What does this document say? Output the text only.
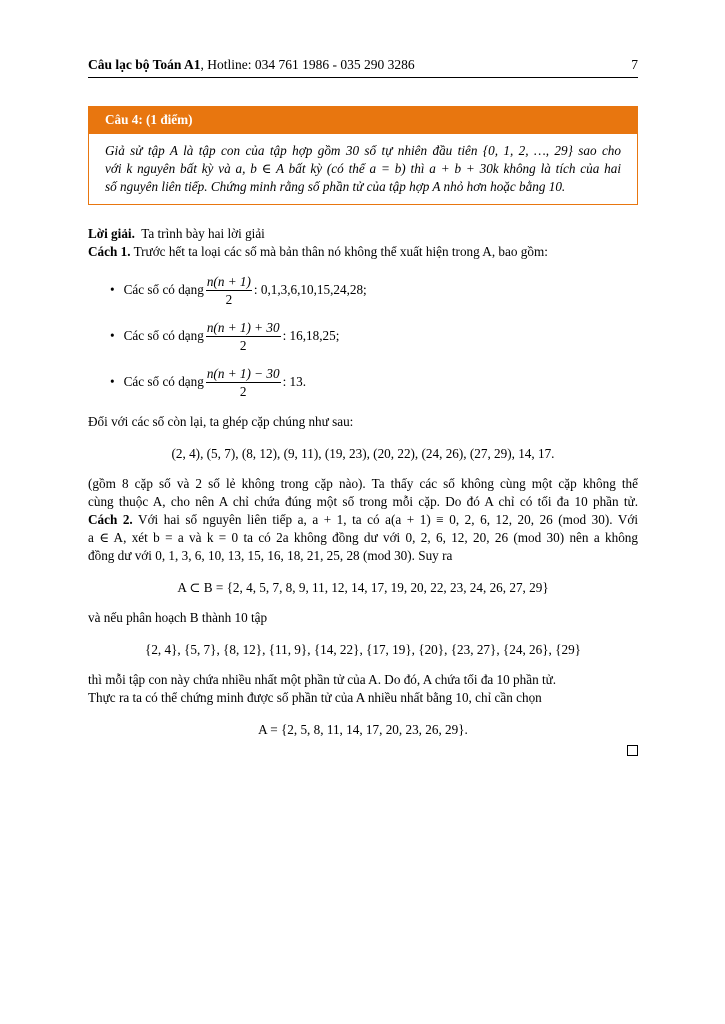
Câu lạc bộ Toán A1, Hotline: 034 761 1986 - 035 290 3286	7
Câu 4: (1 điểm)
Giả sử tập A là tập con của tập hợp gồm 30 số tự nhiên đầu tiên {0, 1, 2, …, 29} sao cho
với k nguyên bất kỳ và a, b ∈ A bất kỳ (có thể a = b) thì a + b + 30k không là tích của hai
số nguyên liên tiếp. Chứng minh rằng số phần tử của tập hợp A nhỏ hơn hoặc bằng 10.
Lời giải. Ta trình bày hai lời giải
Cách 1. Trước hết ta loại các số mà bản thân nó không thể xuất hiện trong A, bao gồm:
• Các số có dạng $\frac{n(n + 1)}{2}$ : 0,1,3,6,10,15,24,28;
• Các số có dạng $\frac{n(n + 1) + 30}{2}$ : 16,18,25;
• Các số có dạng $\frac{n(n + 1) - 30}{2}$ : 13.
Đối với các số còn lại, ta ghép cặp chúng như sau:
(2, 4), (5, 7), (8, 12), (9, 11), (19, 23), (20, 22), (24, 26), (27, 29), 14, 17.
(gồm 8 cặp số và 2 số lẻ không trong cặp nào). Ta thấy các số không cùng một cặp không thể
cùng thuộc A, cho nên A chỉ chứa đúng một số trong mỗi cặp. Do đó A chỉ có tối đa 10 phần tử.
Cách 2. Với hai số nguyên liên tiếp a, a + 1, ta có a(a + 1) ≡ 0, 2, 6, 12, 20, 26 (mod 30). Với
a ∈ A, xét b = a và k = 0 ta có 2a không đồng dư với 0, 2, 6, 12, 20, 26 (mod 30) nên a không
đồng dư với 0, 1, 3, 6, 10, 13, 15, 16, 18, 21, 25, 28 (mod 30). Suy ra
A ⊂ B = {2, 4, 5, 7, 8, 9, 11, 12, 14, 17, 19, 20, 22, 23, 24, 26, 27, 29}
và nếu phân hoạch B thành 10 tập
{2, 4}, {5, 7}, {8, 12}, {11, 9}, {14, 22}, {17, 19}, {20}, {23, 27}, {24, 26}, {29}
thì mỗi tập con này chứa nhiều nhất một phần tử của A. Do đó, A chứa tối đa 10 phần tử.
Thực ra ta có thể chứng minh được số phần tử của A nhiều nhất bằng 10, chỉ cần chọn
A = {2, 5, 8, 11, 14, 17, 20, 23, 26, 29}.
